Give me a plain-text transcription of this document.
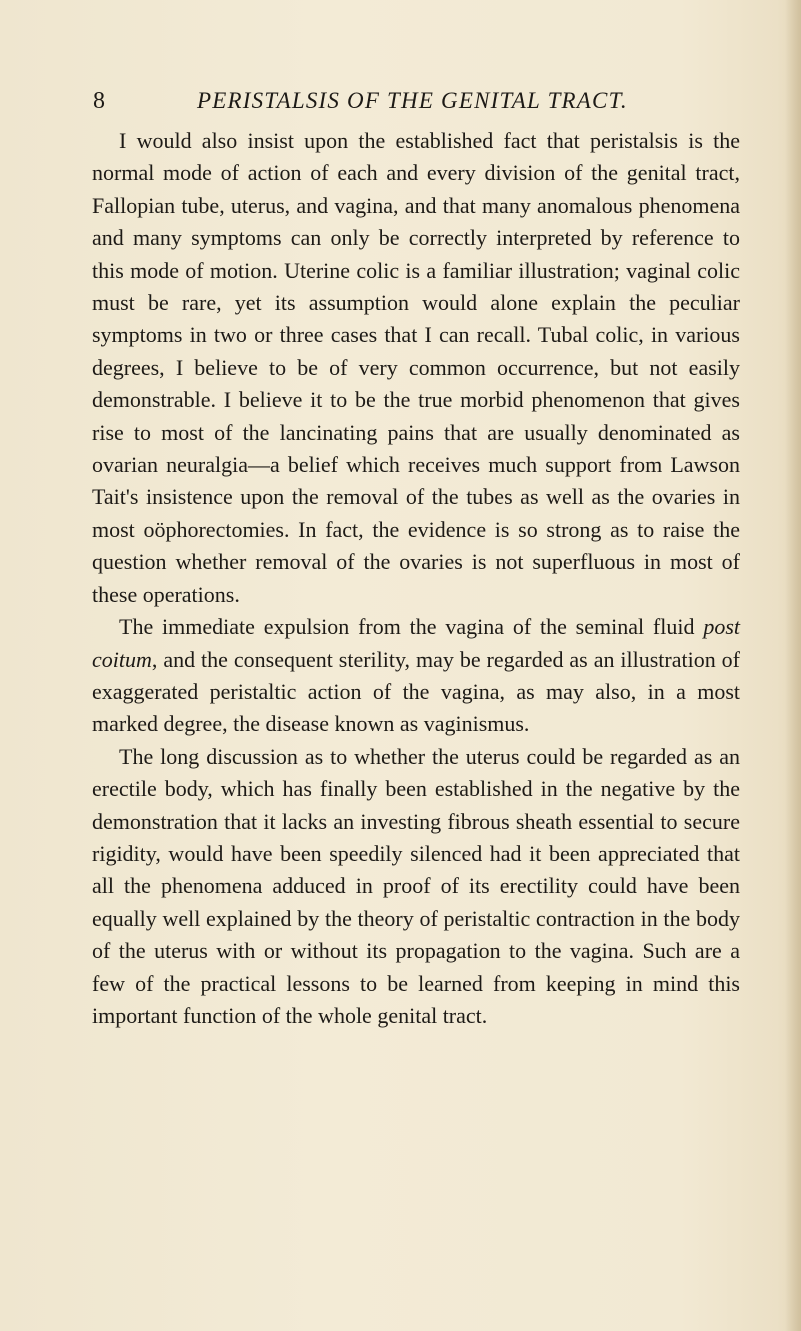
8	PERISTALSIS OF THE GENITAL TRACT.

I would also insist upon the established fact that peristalsis is the normal mode of action of each and every division of the genital tract, Fallopian tube, uterus, and vagina, and that many anomalous phenomena and many symptoms can only be correctly interpreted by reference to this mode of motion. Uterine colic is a familiar illustration; vaginal colic must be rare, yet its assumption would alone explain the peculiar symptoms in two or three cases that I can recall. Tubal colic, in various degrees, I believe to be of very common occurrence, but not easily demonstrable. I believe it to be the true morbid phenomenon that gives rise to most of the lancinating pains that are usually denominated as ovarian neuralgia—a belief which receives much support from Lawson Tait's insistence upon the removal of the tubes as well as the ovaries in most oöphorectomies. In fact, the evidence is so strong as to raise the question whether removal of the ovaries is not superfluous in most of these operations.

The immediate expulsion from the vagina of the seminal fluid post coitum, and the consequent sterility, may be regarded as an illustration of exaggerated peristaltic action of the vagina, as may also, in a most marked degree, the disease known as vaginismus.

The long discussion as to whether the uterus could be regarded as an erectile body, which has finally been established in the negative by the demonstration that it lacks an investing fibrous sheath essential to secure rigidity, would have been speedily silenced had it been appreciated that all the phenomena adduced in proof of its erectility could have been equally well explained by the theory of peristaltic contraction in the body of the uterus with or without its propagation to the vagina. Such are a few of the practical lessons to be learned from keeping in mind this important function of the whole genital tract.
